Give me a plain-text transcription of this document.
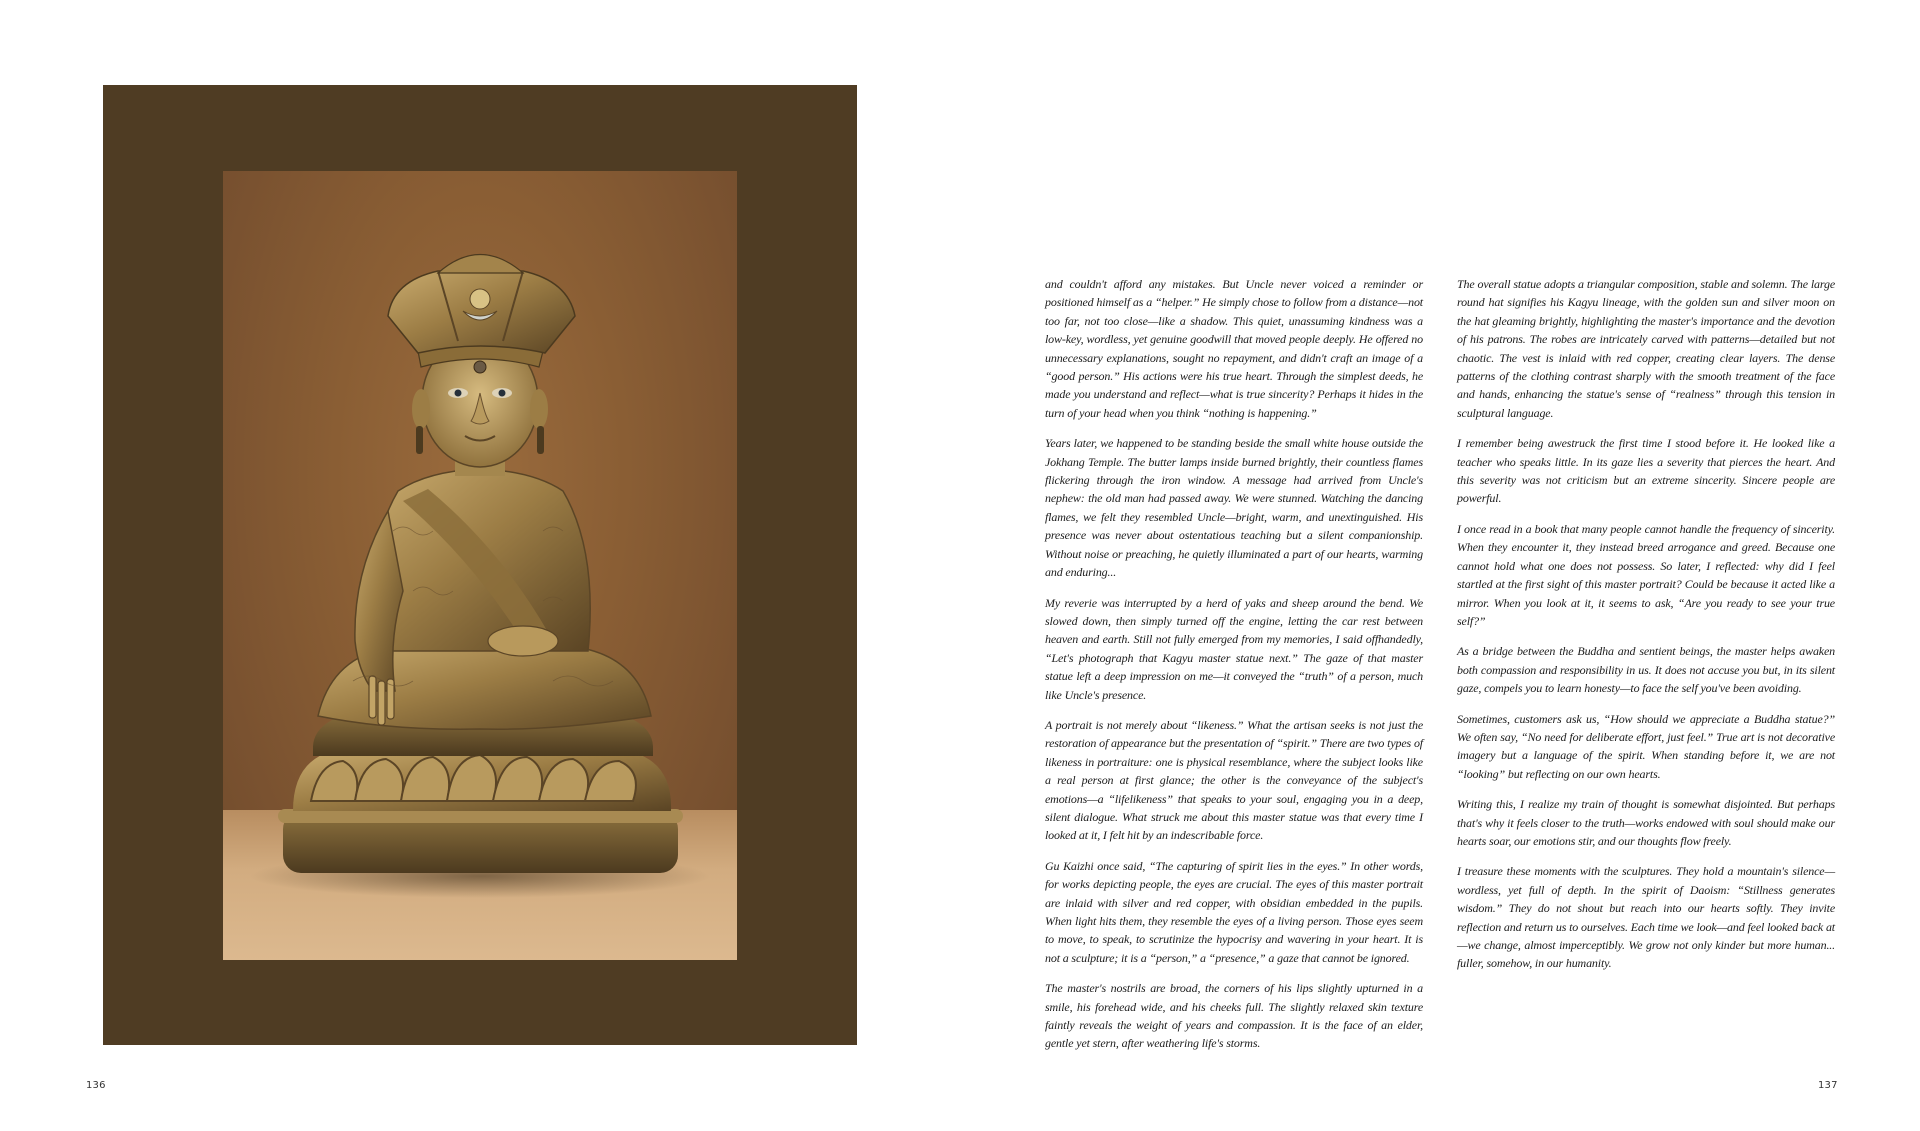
136

and couldn't afford any mistakes. But Uncle never voiced a reminder or positioned himself as a “helper.” He simply chose to follow from a distance—not too far, not too close—like a shadow. This quiet, unassuming kindness was a low-key, wordless, yet genuine goodwill that moved people deeply. He offered no unnecessary explanations, sought no repayment, and didn't craft an image of a “good person.” His actions were his true heart. Through the simplest deeds, he made you understand and reflect—what is true sincerity? Perhaps it hides in the turn of your head when you think “nothing is happening.”

Years later, we happened to be standing beside the small white house outside the Jokhang Temple. The butter lamps inside burned brightly, their countless flames flickering through the iron window. A message had arrived from Uncle's nephew: the old man had passed away. We were stunned. Watching the dancing flames, we felt they resembled Uncle—bright, warm, and unextinguished. His presence was never about ostentatious teaching but a silent companionship. Without noise or preaching, he quietly illuminated a part of our hearts, warming and enduring...

My reverie was interrupted by a herd of yaks and sheep around the bend. We slowed down, then simply turned off the engine, letting the car rest between heaven and earth. Still not fully emerged from my memories, I said offhandedly, “Let's photograph that Kagyu master statue next.” The gaze of that master statue left a deep impression on me—it conveyed the “truth” of a person, much like Uncle's presence.

A portrait is not merely about “likeness.” What the artisan seeks is not just the restoration of appearance but the presentation of “spirit.” There are two types of likeness in portraiture: one is physical resemblance, where the subject looks like a real person at first glance; the other is the conveyance of the subject's emotions—a “lifelikeness” that speaks to your soul, engaging you in a deep, silent dialogue. What struck me about this master statue was that every time I looked at it, I felt hit by an indescribable force.

Gu Kaizhi once said, “The capturing of spirit lies in the eyes.” In other words, for works depicting people, the eyes are crucial. The eyes of this master portrait are inlaid with silver and red copper, with obsidian embedded in the pupils. When light hits them, they resemble the eyes of a living person. Those eyes seem to move, to speak, to scrutinize the hypocrisy and wavering in your heart. It is not a sculpture; it is a “person,” a “presence,” a gaze that cannot be ignored.

The master's nostrils are broad, the corners of his lips slightly upturned in a smile, his forehead wide, and his cheeks full. The slightly relaxed skin texture faintly reveals the weight of years and compassion. It is the face of an elder, gentle yet stern, after weathering life's storms.

The overall statue adopts a triangular composition, stable and solemn. The large round hat signifies his Kagyu lineage, with the golden sun and silver moon on the hat gleaming brightly, highlighting the master's importance and the devotion of his patrons. The robes are intricately carved with patterns—detailed but not chaotic. The vest is inlaid with red copper, creating clear layers. The dense patterns of the clothing contrast sharply with the smooth treatment of the face and hands, enhancing the statue's sense of “realness” through this tension in sculptural language.

I remember being awestruck the first time I stood before it. He looked like a teacher who speaks little. In its gaze lies a severity that pierces the heart. And this severity was not criticism but an extreme sincerity. Sincere people are powerful.

I once read in a book that many people cannot handle the frequency of sincerity. When they encounter it, they instead breed arrogance and greed. Because one cannot hold what one does not possess. So later, I reflected: why did I feel startled at the first sight of this master portrait? Could be because it acted like a mirror. When you look at it, it seems to ask, “Are you ready to see your true self?”

As a bridge between the Buddha and sentient beings, the master helps awaken both compassion and responsibility in us. It does not accuse you but, in its silent gaze, compels you to learn honesty—to face the self you've been avoiding.

Sometimes, customers ask us, “How should we appreciate a Buddha statue?” We often say, “No need for deliberate effort, just feel.” True art is not decorative imagery but a language of the spirit. When standing before it, we are not “looking” but reflecting on our own hearts.

Writing this, I realize my train of thought is somewhat disjointed. But perhaps that's why it feels closer to the truth—works endowed with soul should make our hearts soar, our emotions stir, and our thoughts flow freely.

I treasure these moments with the sculptures. They hold a mountain's silence—wordless, yet full of depth. In the spirit of Daoism: “Stillness generates wisdom.” They do not shout but reach into our hearts softly. They invite reflection and return us to ourselves. Each time we look—and feel looked back at—we change, almost imperceptibly. We grow not only kinder but more human... fuller, somehow, in our humanity.

137
